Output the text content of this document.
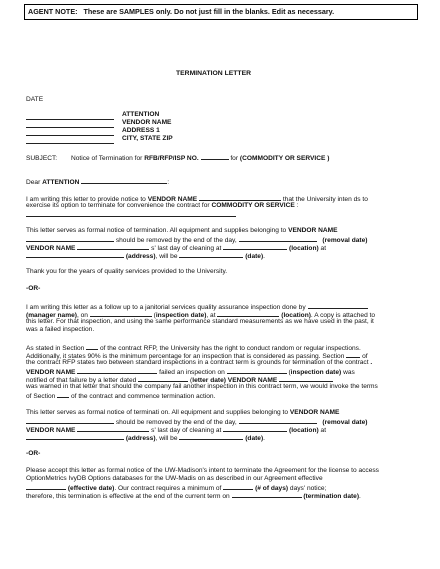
AGENT NOTE: These are SAMPLES only. Do not just fill in the blanks. Edit as necessary.
TERMINATION LETTER
DATE
ATTENTION
VENDOR NAME
ADDRESS 1
CITY, STATE ZIP
SUBJECT: Notice of Termination for RFB/RFP/ISP NO.	for (COMMODITY OR SERVICE )
Dear ATTENTION	:
I am writing this letter to provide notice to VENDOR NAME	that the University inten ds to
exercise its option to terminate for convenience the contract for COMMODITY OR SERVICE :
This letter serves as formal notice of termination. All equipment and supplies belonging to VENDOR NAME
should be removed by the end of the day,	(removal date)
VENDOR NAME	s' last day of cleaning at	(location) at
(address), will be	(date).
Thank you for the years of quality services provided to the University.
-OR-
I am writing this letter as a follow up to a janitorial services quality assurance inspection done by
(manager name), on	(inspection date), at	(location). A copy is attached to
this letter. For that inspection, and using the same performance standard measurements as we have used in the past, it
was a failed inspection.
As stated in Section of the contract RFP, the University has the right to conduct random or regular inspections.
Additionally, it states 90% is the minimum percentage for an inspection that is considered as passing. Section	of
the contract RFP states two between standard inspections in a contract term is grounds for termination of the contract .
VENDOR NAME	failed an inspection on	(inspection date) was
notified of that failure by a letter dated	(letter date) VENDOR NAME
was warned in that letter that should the company fail another inspection in this contract term, we would invoke the terms
of Section of the contract and commence termination action.
This letter serves as formal notice of terminati on. All equipment and supplies belonging to VENDOR NAME
should be removed by the end of the day,	(removal date)
VENDOR NAME	s' last day of cleaning at	(location) at
(address), will be	(date).
-OR-
Please accept this letter as formal notice of the UW-Madison's intent to terminate the Agreement for the license to access
OptionMetrics IvyDB Options databases for the UW-Madis on as described in our Agreement effective
(effective date). Our contract requires a minimum of	(# of days) days' notice;
therefore, this termination is effective at the end of the current term on	(termination date).
